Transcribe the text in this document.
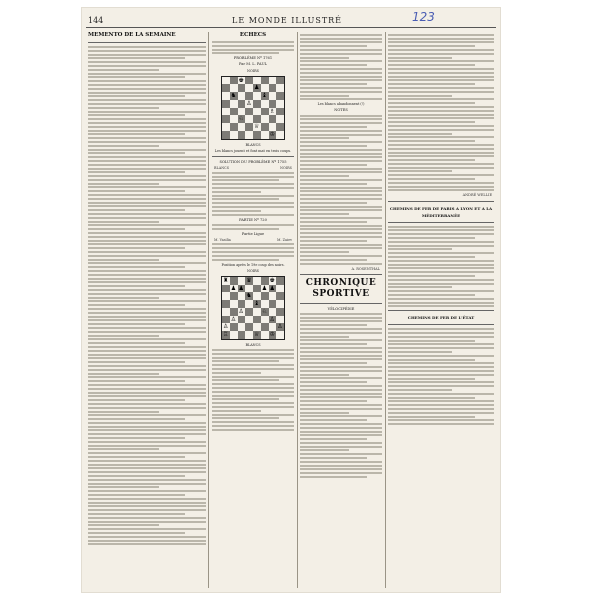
144	LE MONDE ILLUSTRÉ	123
MEMENTO DE LA SEMAINE	ÉCHECS
PROBLÈME Nº 1761
Par M. L. PAUL
NOIRS
♚
♟
♞	♝
♙
♗
♘
♕
♔
BLANCS
Les blancs jouent et font mat en trois coups.
SOLUTION DU PROBLÈME Nº 1755
BLANCS	NOIRS
PARTIE Nº 720
Partie Ligue
M. Vasilia	M. Zaiev
Position après le 19e coup des noirs.
NOIRS
♜	♛	♚
♟ ♟	♟ ♟
♞
♝
♙	♘
♙	♙
♙	♙
♖	♕ ♔
BLANCS
Les blancs abandonnent (!)
NOTES
A. ROSENTHAL
CHRONIQUE SPORTIVE
VÉLOCIPÉDIE
ANDRÉ WELLIE
CHEMINS DE FER DE PARIS A LYON ET A LA MÉDITERRANÉE
CHEMINS DE FER DE L'ÉTAT
